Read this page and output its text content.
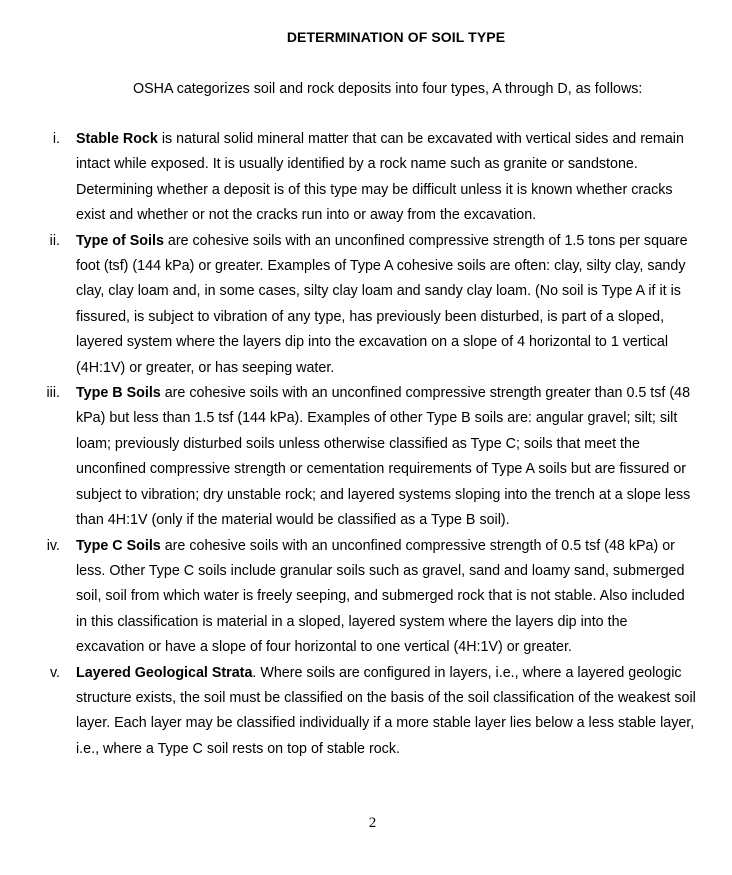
DETERMINATION OF SOIL TYPE
OSHA categorizes soil and rock deposits into four types, A through D, as follows:
i. Stable Rock is natural solid mineral matter that can be excavated with vertical sides and remain intact while exposed. It is usually identified by a rock name such as granite or sandstone. Determining whether a deposit is of this type may be difficult unless it is known whether cracks exist and whether or not the cracks run into or away from the excavation.
ii. Type of Soils are cohesive soils with an unconfined compressive strength of 1.5 tons per square foot (tsf) (144 kPa) or greater. Examples of Type A cohesive soils are often: clay, silty clay, sandy clay, clay loam and, in some cases, silty clay loam and sandy clay loam. (No soil is Type A if it is fissured, is subject to vibration of any type, has previously been disturbed, is part of a sloped, layered system where the layers dip into the excavation on a slope of 4 horizontal to 1 vertical (4H:1V) or greater, or has seeping water.
iii. Type B Soils are cohesive soils with an unconfined compressive strength greater than 0.5 tsf (48 kPa) but less than 1.5 tsf (144 kPa). Examples of other Type B soils are: angular gravel; silt; silt loam; previously disturbed soils unless otherwise classified as Type C; soils that meet the unconfined compressive strength or cementation requirements of Type A soils but are fissured or subject to vibration; dry unstable rock; and layered systems sloping into the trench at a slope less than 4H:1V (only if the material would be classified as a Type B soil).
iv. Type C Soils are cohesive soils with an unconfined compressive strength of 0.5 tsf (48 kPa) or less. Other Type C soils include granular soils such as gravel, sand and loamy sand, submerged soil, soil from which water is freely seeping, and submerged rock that is not stable. Also included in this classification is material in a sloped, layered system where the layers dip into the excavation or have a slope of four horizontal to one vertical (4H:1V) or greater.
v. Layered Geological Strata. Where soils are configured in layers, i.e., where a layered geologic structure exists, the soil must be classified on the basis of the soil classification of the weakest soil layer. Each layer may be classified individually if a more stable layer lies below a less stable layer, i.e., where a Type C soil rests on top of stable rock.
2
